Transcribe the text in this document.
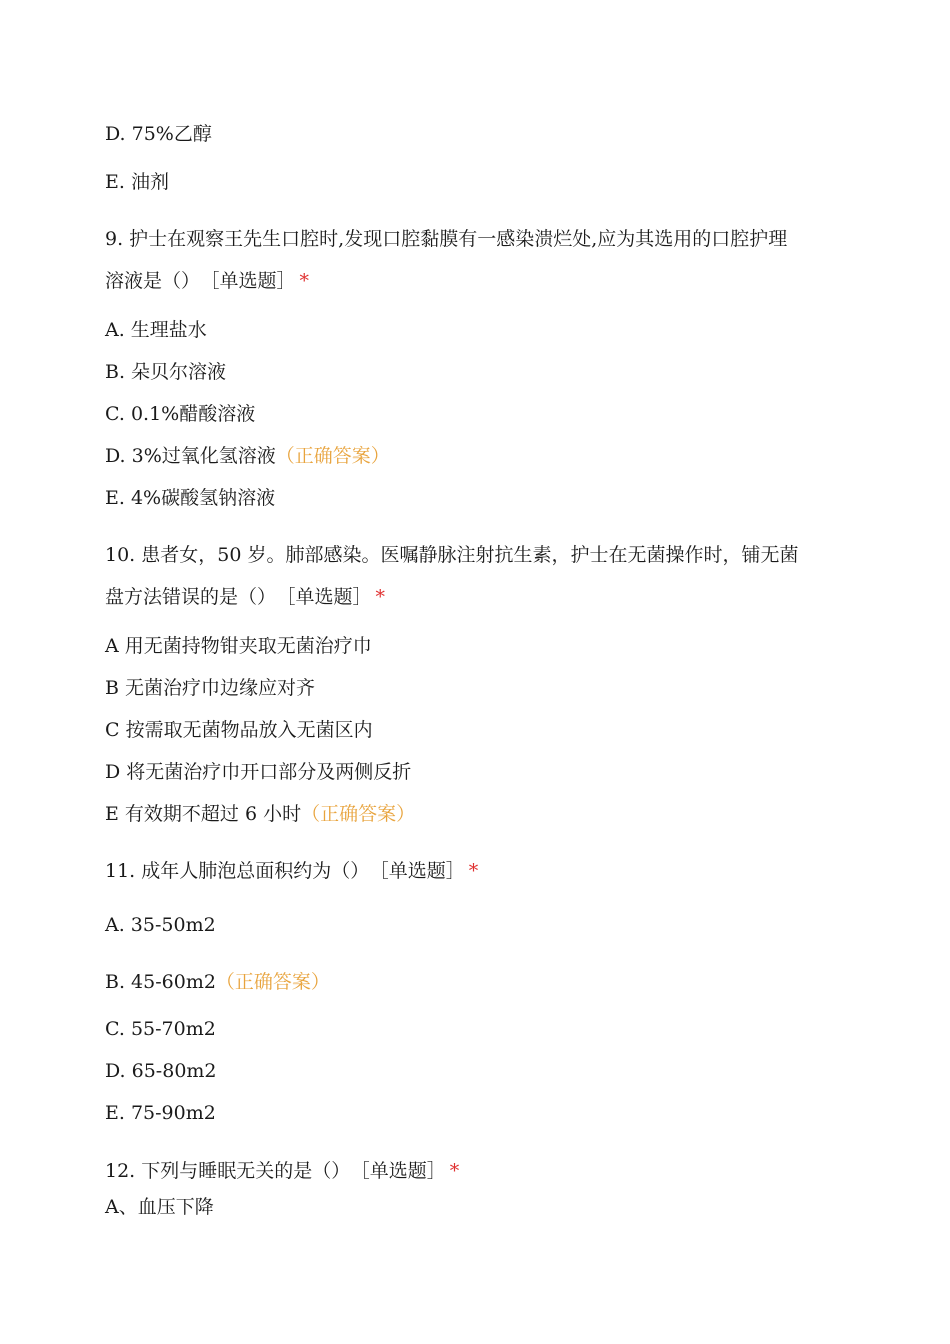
D. 75%乙醇
E. 油剂
9. 护士在观察王先生口腔时,发现口腔黏膜有一感染溃烂处,应为其选用的口腔护理
溶液是（） ［单选题］ *
A. 生理盐水
B. 朵贝尔溶液
C. 0.1%醋酸溶液
D. 3%过氧化氢溶液（正确答案）
E. 4%碳酸氢钠溶液
10. 患者女，50 岁。肺部感染。医嘱静脉注射抗生素，护士在无菌操作时，铺无菌
盘方法错误的是（） ［单选题］ *
A 用无菌持物钳夹取无菌治疗巾
B 无菌治疗巾边缘应对齐
C 按需取无菌物品放入无菌区内
D 将无菌治疗巾开口部分及两侧反折
E 有效期不超过 6 小时（正确答案）
11. 成年人肺泡总面积约为（） ［单选题］ *
A. 35-50m2
B. 45-60m2（正确答案）
C. 55-70m2
D. 65-80m2
E. 75-90m2
12. 下列与睡眠无关的是（） ［单选题］ *
A、血压下降
